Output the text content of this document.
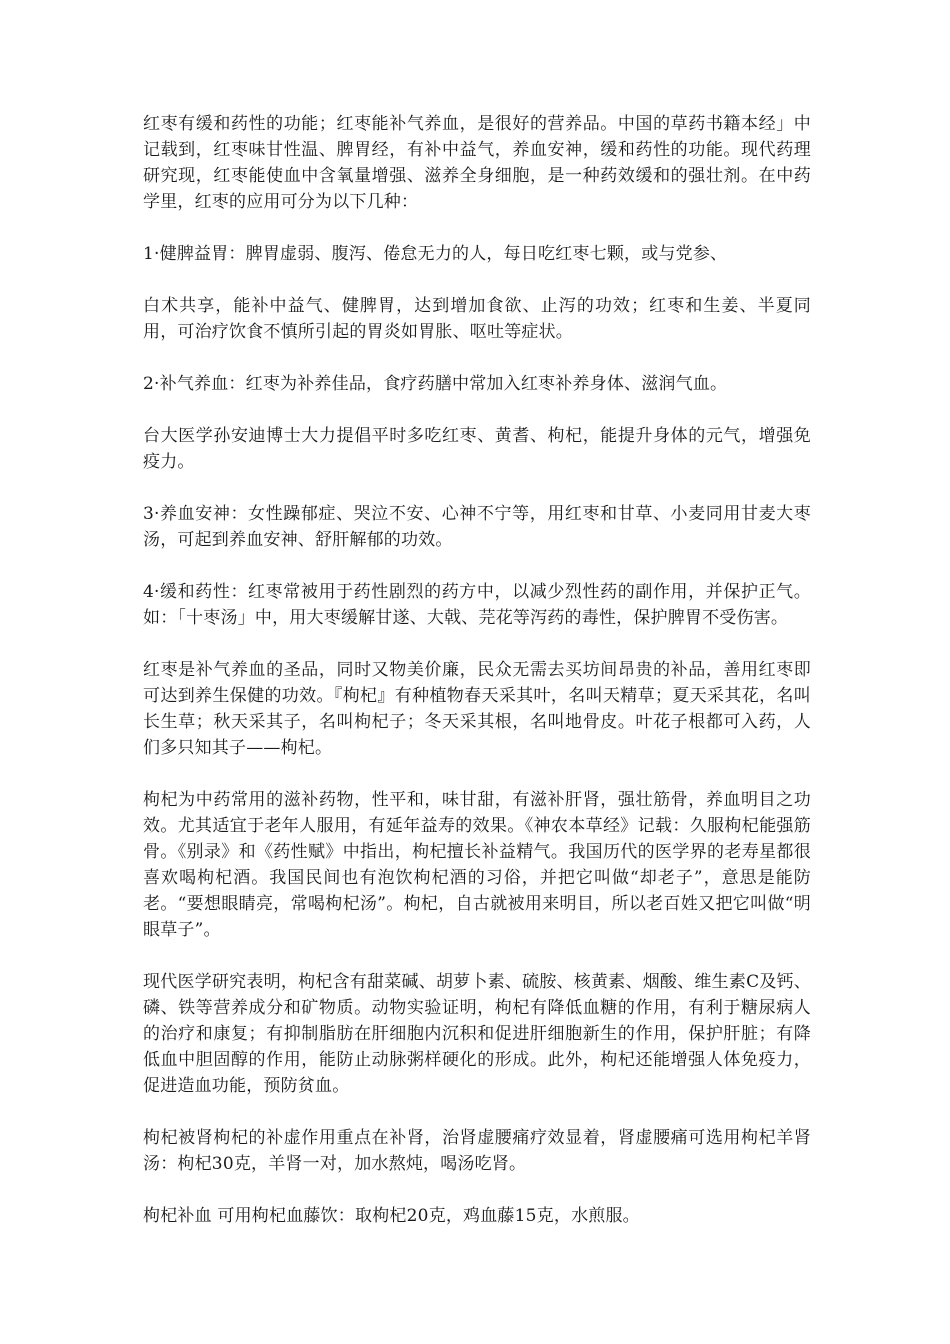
红枣有缓和药性的功能；红枣能补气养血，是很好的营养品。中国的草药书籍本经」中记载到，红枣味甘性温、脾胃经，有补中益气，养血安神，缓和药性的功能。现代药理研究现，红枣能使血中含氧量增强、滋养全身细胞，是一种药效缓和的强壮剂。在中药学里，红枣的应用可分为以下几种：

1·健脾益胃：脾胃虚弱、腹泻、倦怠无力的人，每日吃红枣七颗，或与党参、

白术共享，能补中益气、健脾胃，达到增加食欲、止泻的功效；红枣和生姜、半夏同用，可治疗饮食不慎所引起的胃炎如胃胀、呕吐等症状。

2·补气养血：红枣为补养佳品，食疗药膳中常加入红枣补养身体、滋润气血。

台大医学孙安迪博士大力提倡平时多吃红枣、黄耆、枸杞，能提升身体的元气，增强免疫力。

3·养血安神：女性躁郁症、哭泣不安、心神不宁等，用红枣和甘草、小麦同用甘麦大枣汤，可起到养血安神、舒肝解郁的功效。

4·缓和药性：红枣常被用于药性剧烈的药方中，以减少烈性药的副作用，并保护正气。如：「十枣汤」中，用大枣缓解甘遂、大戟、芫花等泻药的毒性，保护脾胃不受伤害。

红枣是补气养血的圣品，同时又物美价廉，民众无需去买坊间昂贵的补品，善用红枣即可达到养生保健的功效。『枸杞』有种植物春天采其叶，名叫天精草；夏天采其花，名叫长生草；秋天采其子，名叫枸杞子；冬天采其根，名叫地骨皮。叶花子根都可入药，人们多只知其子——枸杞。

枸杞为中药常用的滋补药物，性平和，味甘甜，有滋补肝肾，强壮筋骨，养血明目之功效。尤其适宜于老年人服用，有延年益寿的效果。《神农本草经》记载：久服枸杞能强筋骨。《别录》和《药性赋》中指出，枸杞擅长补益精气。我国历代的医学界的老寿星都很喜欢喝枸杞酒。我国民间也有泡饮枸杞酒的习俗，并把它叫做“却老子”，意思是能防老。“要想眼睛亮，常喝枸杞汤”。枸杞，自古就被用来明目，所以老百姓又把它叫做“明眼草子”。

现代医学研究表明，枸杞含有甜菜碱、胡萝卜素、硫胺、核黄素、烟酸、维生素C及钙、磷、铁等营养成分和矿物质。动物实验证明，枸杞有降低血糖的作用，有利于糖尿病人的治疗和康复；有抑制脂肪在肝细胞内沉积和促进肝细胞新生的作用，保护肝脏；有降低血中胆固醇的作用，能防止动脉粥样硬化的形成。此外，枸杞还能增强人体免疫力，促进造血功能，预防贫血。

枸杞被肾枸杞的补虚作用重点在补肾，治肾虚腰痛疗效显着，肾虚腰痛可选用枸杞羊肾汤：枸杞30克，羊肾一对，加水熬炖，喝汤吃肾。

枸杞补血 可用枸杞血藤饮：取枸杞20克，鸡血藤15克，水煎服。
